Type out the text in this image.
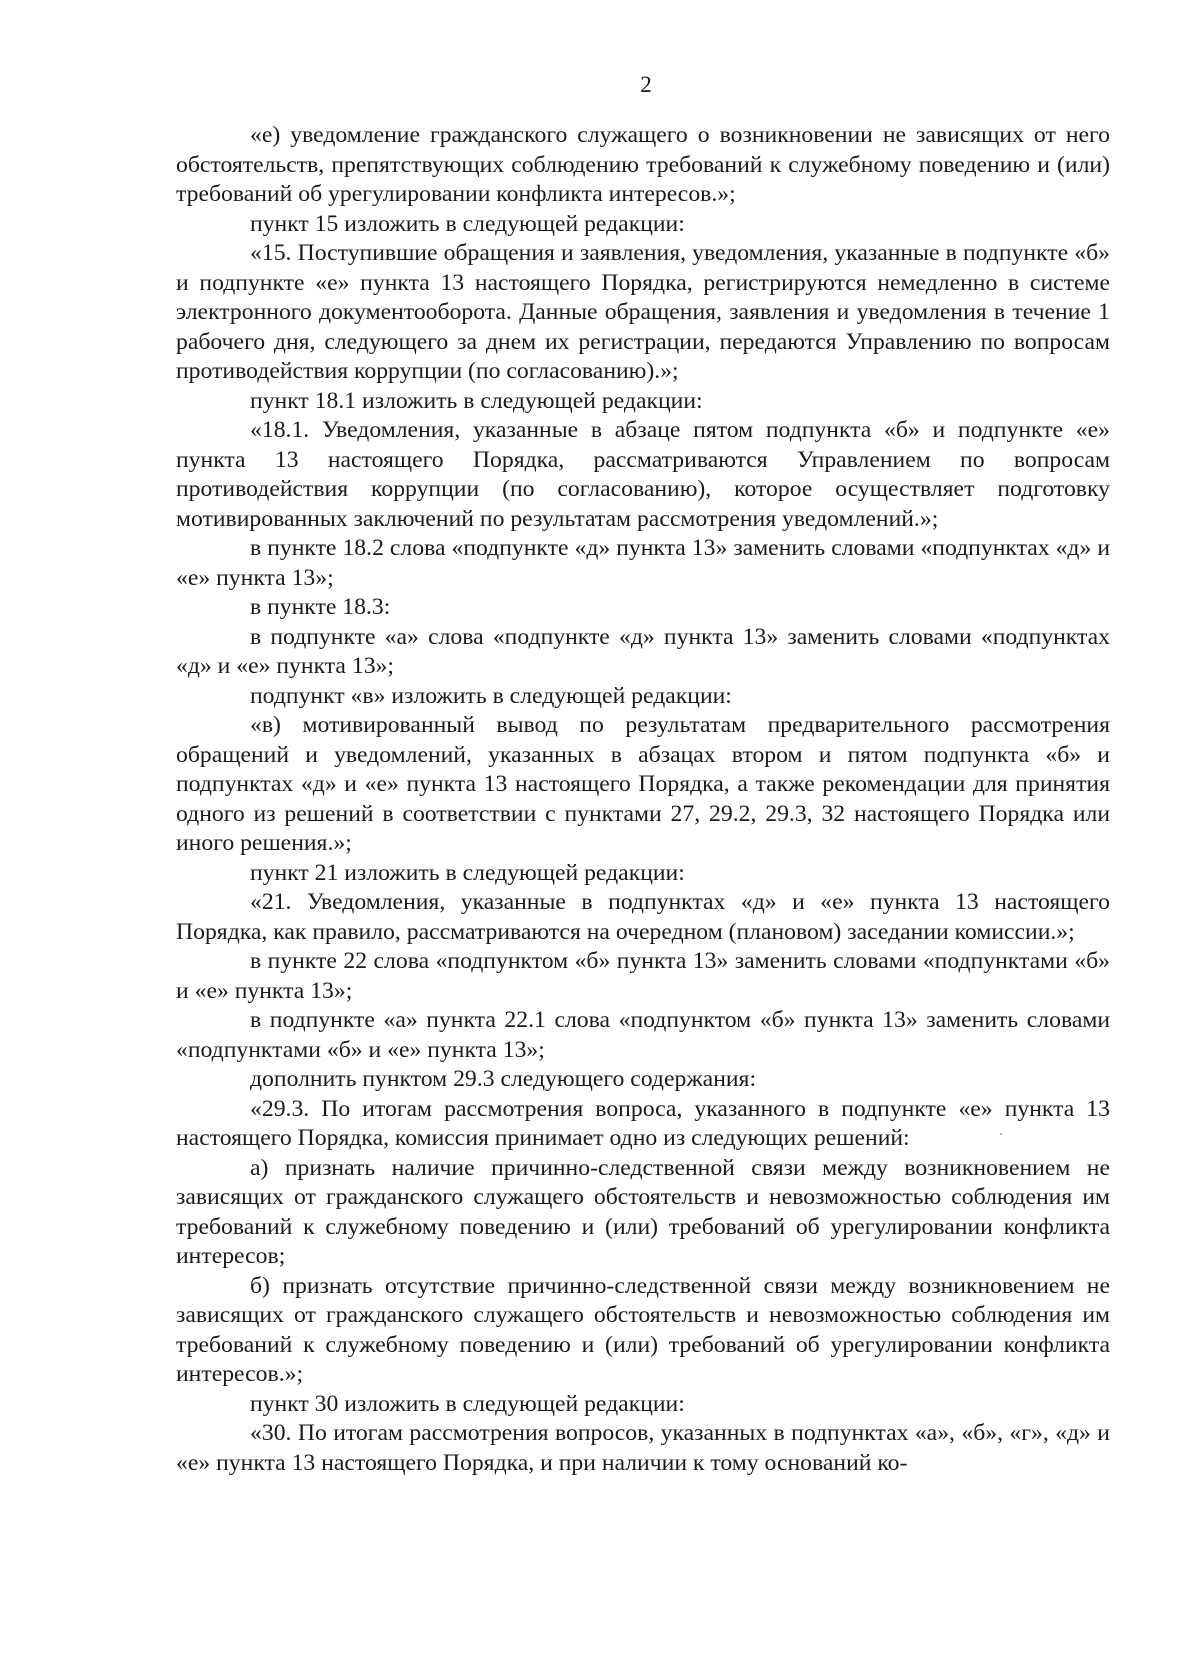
2

«е) уведомление гражданского служащего о возникновении не зависящих от него обстоятельств, препятствующих соблюдению требований к служебному поведению и (или) требований об урегулировании конфликта интересов.»;

пункт 15 изложить в следующей редакции:

«15. Поступившие обращения и заявления, уведомления, указанные в подпункте «б» и подпункте «е» пункта 13 настоящего Порядка, регистрируются немедленно в системе электронного документооборота. Данные обращения, заявления и уведомления в течение 1 рабочего дня, следующего за днем их регистрации, передаются Управлению по вопросам противодействия коррупции (по согласованию).»;

пункт 18.1 изложить в следующей редакции:

«18.1. Уведомления, указанные в абзаце пятом подпункта «б» и подпункте «е» пункта 13 настоящего Порядка, рассматриваются Управлением по вопросам противодействия коррупции (по согласованию), которое осуществляет подготовку мотивированных заключений по результатам рассмотрения уведомлений.»;

в пункте 18.2 слова «подпункте «д» пункта 13» заменить словами «подпунктах «д» и «е» пункта 13»;

в пункте 18.3:

в подпункте «а» слова «подпункте «д» пункта 13» заменить словами «подпунктах «д» и «е» пункта 13»;

подпункт «в» изложить в следующей редакции:

«в) мотивированный вывод по результатам предварительного рассмотрения обращений и уведомлений, указанных в абзацах втором и пятом подпункта «б» и подпунктах «д» и «е» пункта 13 настоящего Порядка, а также рекомендации для принятия одного из решений в соответствии с пунктами 27, 29.2, 29.3, 32 настоящего Порядка или иного решения.»;

пункт 21 изложить в следующей редакции:

«21. Уведомления, указанные в подпунктах «д» и «е» пункта 13 настоящего Порядка, как правило, рассматриваются на очередном (плановом) заседании комиссии.»;

в пункте 22 слова «подпунктом «б» пункта 13» заменить словами «подпунктами «б» и «е» пункта 13»;

в подпункте «а» пункта 22.1 слова «подпунктом «б» пункта 13» заменить словами «подпунктами «б» и «е» пункта 13»;

дополнить пунктом 29.3 следующего содержания:

«29.3. По итогам рассмотрения вопроса, указанного в подпункте «е» пункта 13 настоящего Порядка, комиссия принимает одно из следующих решений:

а) признать наличие причинно-следственной связи между возникновением не зависящих от гражданского служащего обстоятельств и невозможностью соблюдения им требований к служебному поведению и (или) требований об урегулировании конфликта интересов;

б) признать отсутствие причинно-следственной связи между возникновением не зависящих от гражданского служащего обстоятельств и невозможностью соблюдения им требований к служебному поведению и (или) требований об урегулировании конфликта интересов.»;

пункт 30 изложить в следующей редакции:

«30. По итогам рассмотрения вопросов, указанных в подпунктах «а», «б», «г», «д» и «е» пункта 13 настоящего Порядка, и при наличии к тому оснований ко-
